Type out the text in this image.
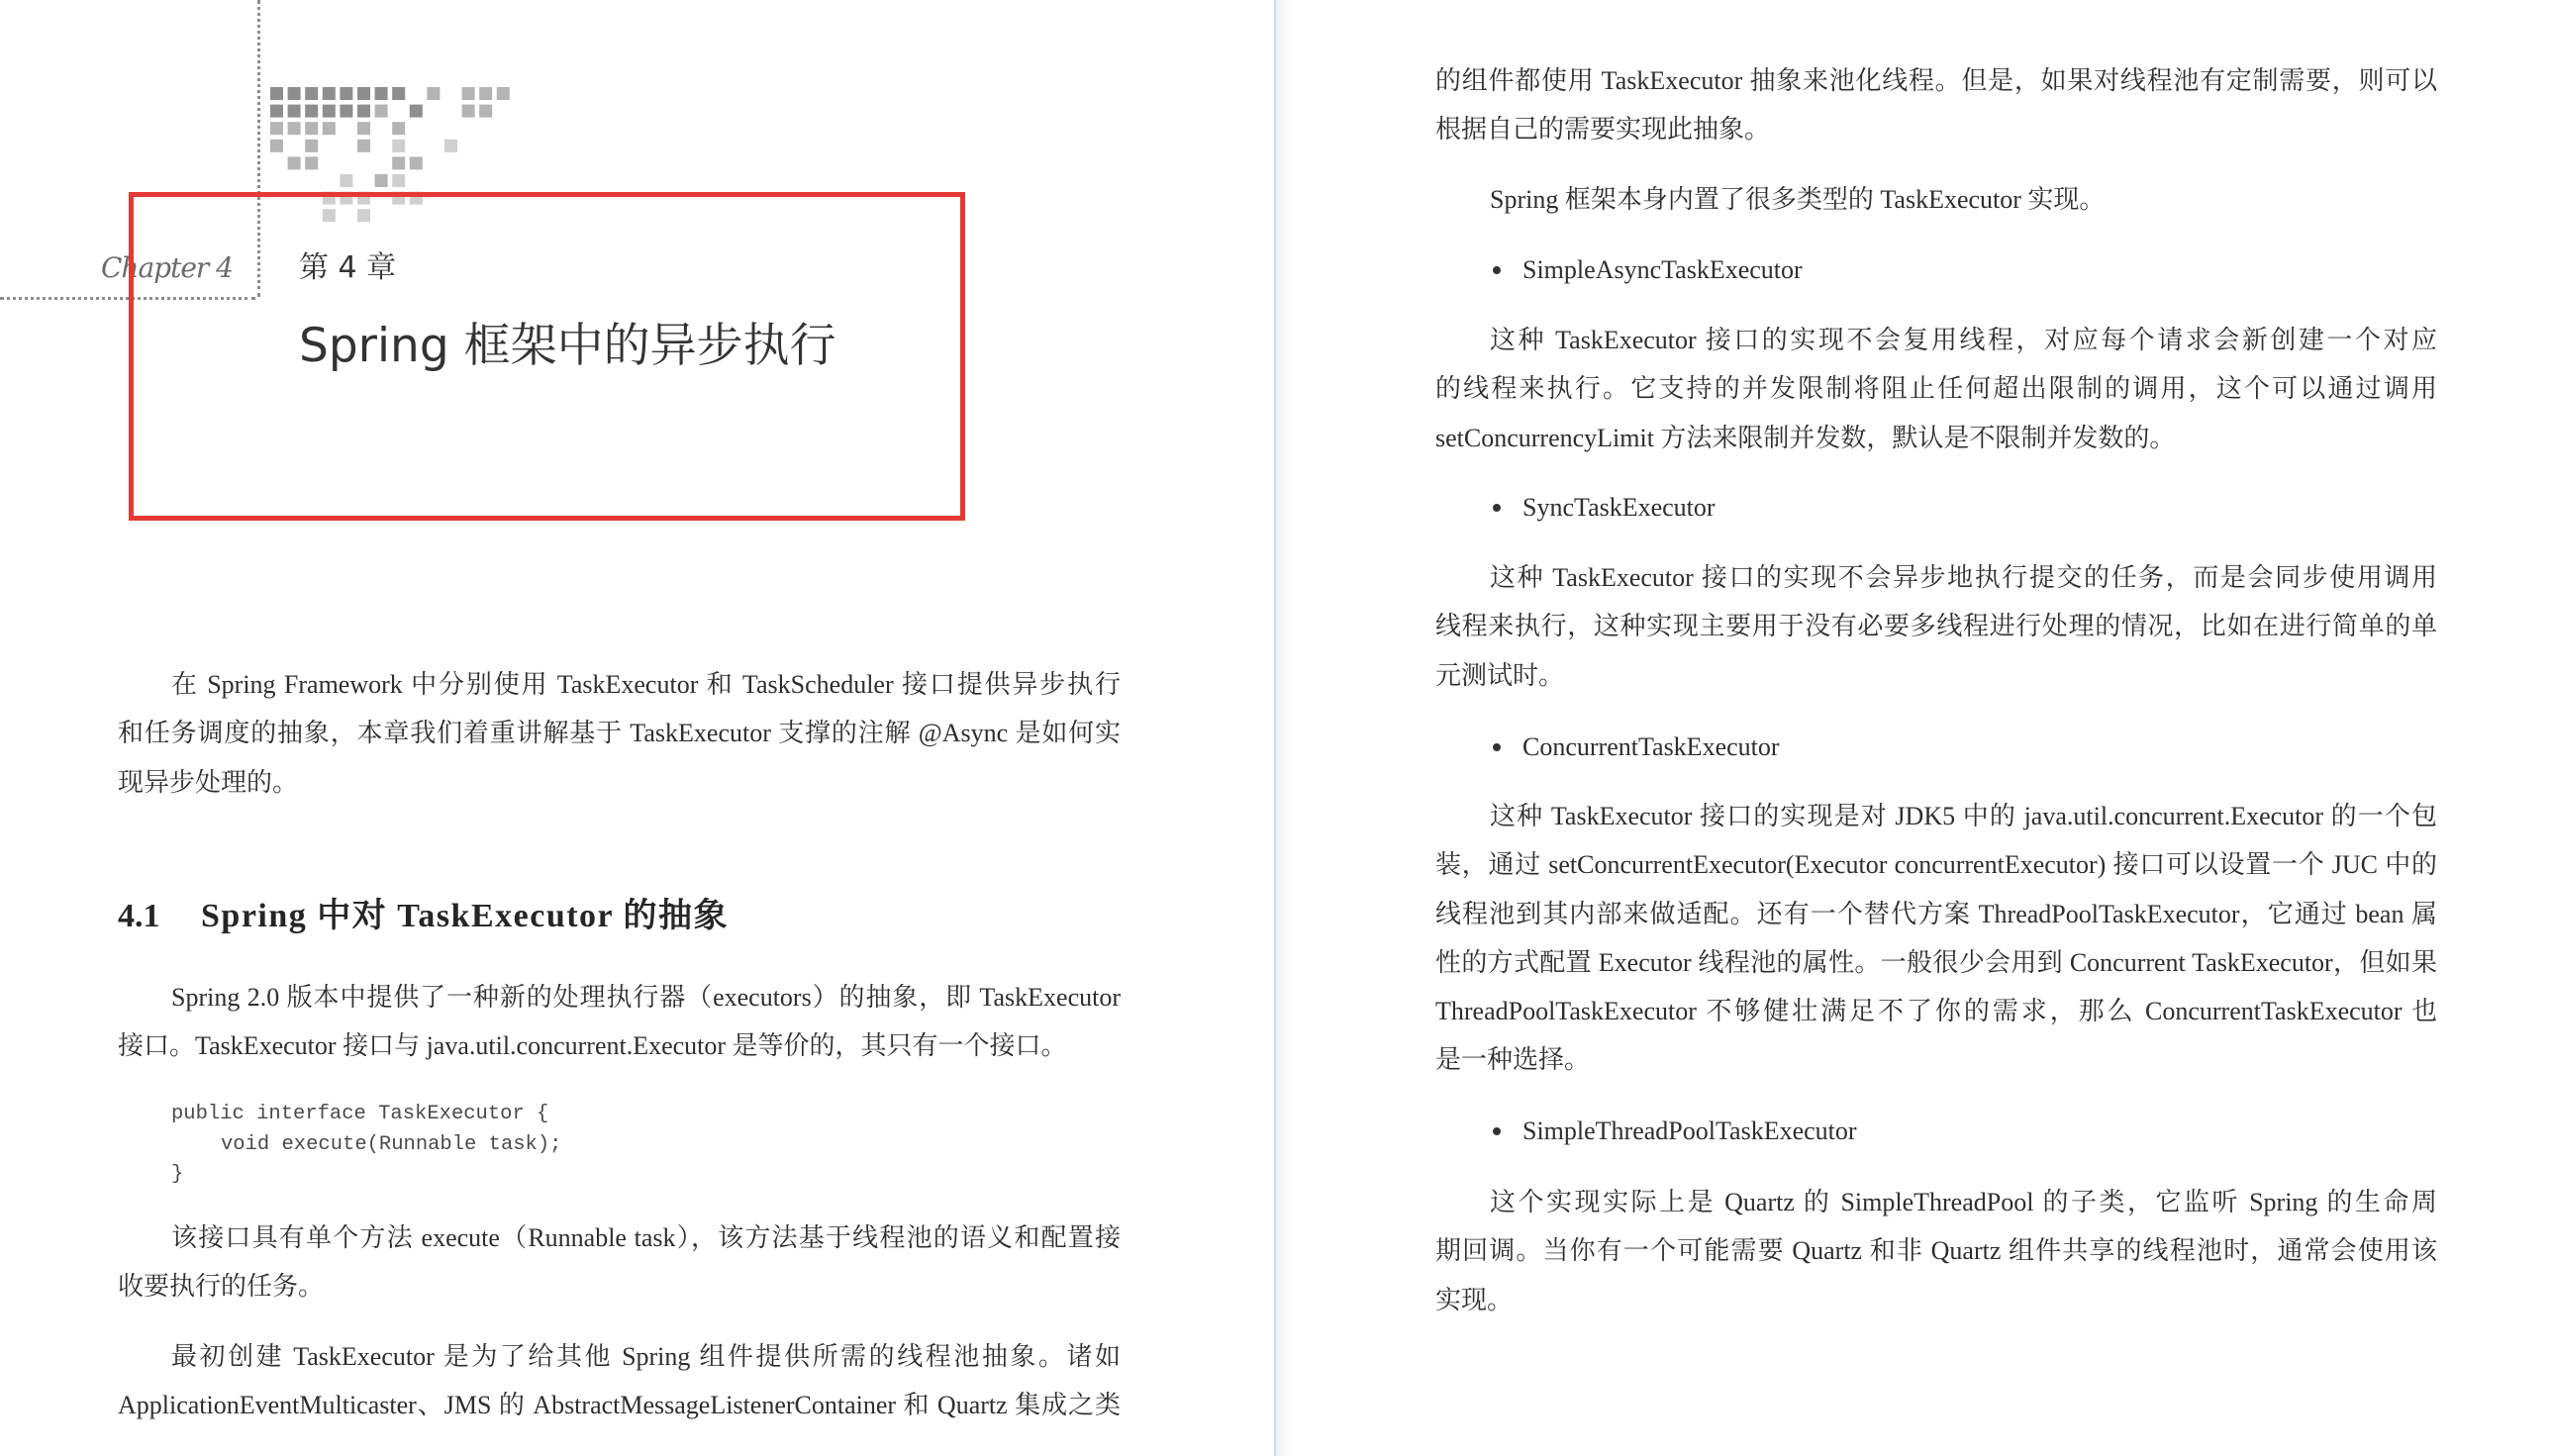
Chapter 4 第 4 章
Spring 框架中的异步执行
在 Spring Framework 中分别使用 TaskExecutor 和 TaskScheduler 接口提供异步执行
和任务调度的抽象，本章我们着重讲解基于 TaskExecutor 支撑的注解 @Async 是如何实
现异步处理的。
4.1 Spring 中对 TaskExecutor 的抽象
Spring 2.0 版本中提供了一种新的处理执行器（executors）的抽象，即 TaskExecutor
接口。TaskExecutor 接口与 java.util.concurrent.Executor 是等价的，其只有一个接口。
public interface TaskExecutor {
void execute(Runnable task);
}
该接口具有单个方法 execute（Runnable task），该方法基于线程池的语义和配置接
收要执行的任务。
最初创建 TaskExecutor 是为了给其他 Spring 组件提供所需的线程池抽象。诸如
ApplicationEventMulticaster、JMS 的 AbstractMessageListenerContainer 和 Quartz 集成之类
的组件都使用 TaskExecutor 抽象来池化线程。但是，如果对线程池有定制需要，则可以
根据自己的需要实现此抽象。
Spring 框架本身内置了很多类型的 TaskExecutor 实现。
SimpleAsyncTaskExecutor
这种 TaskExecutor 接口的实现不会复用线程，对应每个请求会新创建一个对应
的线程来执行。它支持的并发限制将阻止任何超出限制的调用，这个可以通过调用
setConcurrencyLimit 方法来限制并发数，默认是不限制并发数的。
SyncTaskExecutor
这种 TaskExecutor 接口的实现不会异步地执行提交的任务，而是会同步使用调用
线程来执行，这种实现主要用于没有必要多线程进行处理的情况，比如在进行简单的单
元测试时。
ConcurrentTaskExecutor
这种 TaskExecutor 接口的实现是对 JDK5 中的 java.util.concurrent.Executor 的一个包
装，通过 setConcurrentExecutor(Executor concurrentExecutor) 接口可以设置一个 JUC 中的
线程池到其内部来做适配。还有一个替代方案 ThreadPoolTaskExecutor，它通过 bean 属
性的方式配置 Executor 线程池的属性。一般很少会用到 Concurrent TaskExecutor，但如果
ThreadPoolTaskExecutor 不够健壮满足不了你的需求，那么 ConcurrentTaskExecutor 也
是一种选择。
SimpleThreadPoolTaskExecutor
这个实现实际上是 Quartz 的 SimpleThreadPool 的子类，它监听 Spring 的生命周
期回调。当你有一个可能需要 Quartz 和非 Quartz 组件共享的线程池时，通常会使用该
实现。
